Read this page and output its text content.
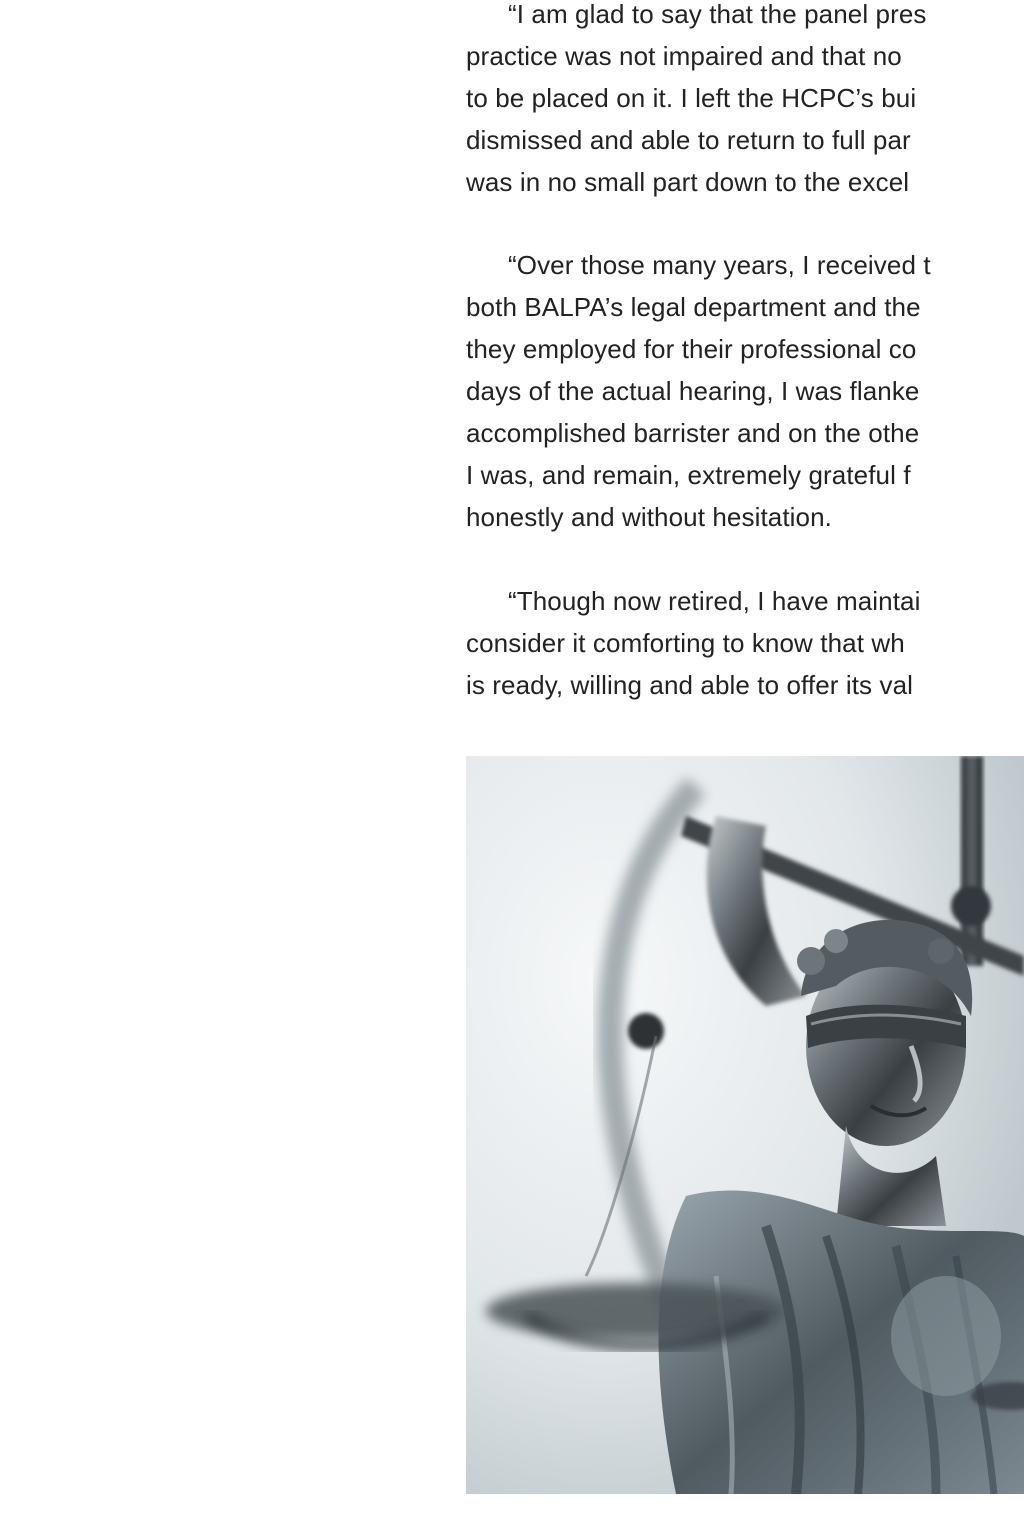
“I am glad to say that the panel pres
practice was not impaired and that no
to be placed on it. I left the HCPC’s bui
dismissed and able to return to full par
was in no small part down to the excel

“Over those many years, I received t
both BALPA’s legal department and the
they employed for their professional co
days of the actual hearing, I was flanke
accomplished barrister and on the othe
I was, and remain, extremely grateful f
honestly and without hesitation.

“Though now retired, I have maintai
consider it comforting to know that wh
is ready, willing and able to offer its val
